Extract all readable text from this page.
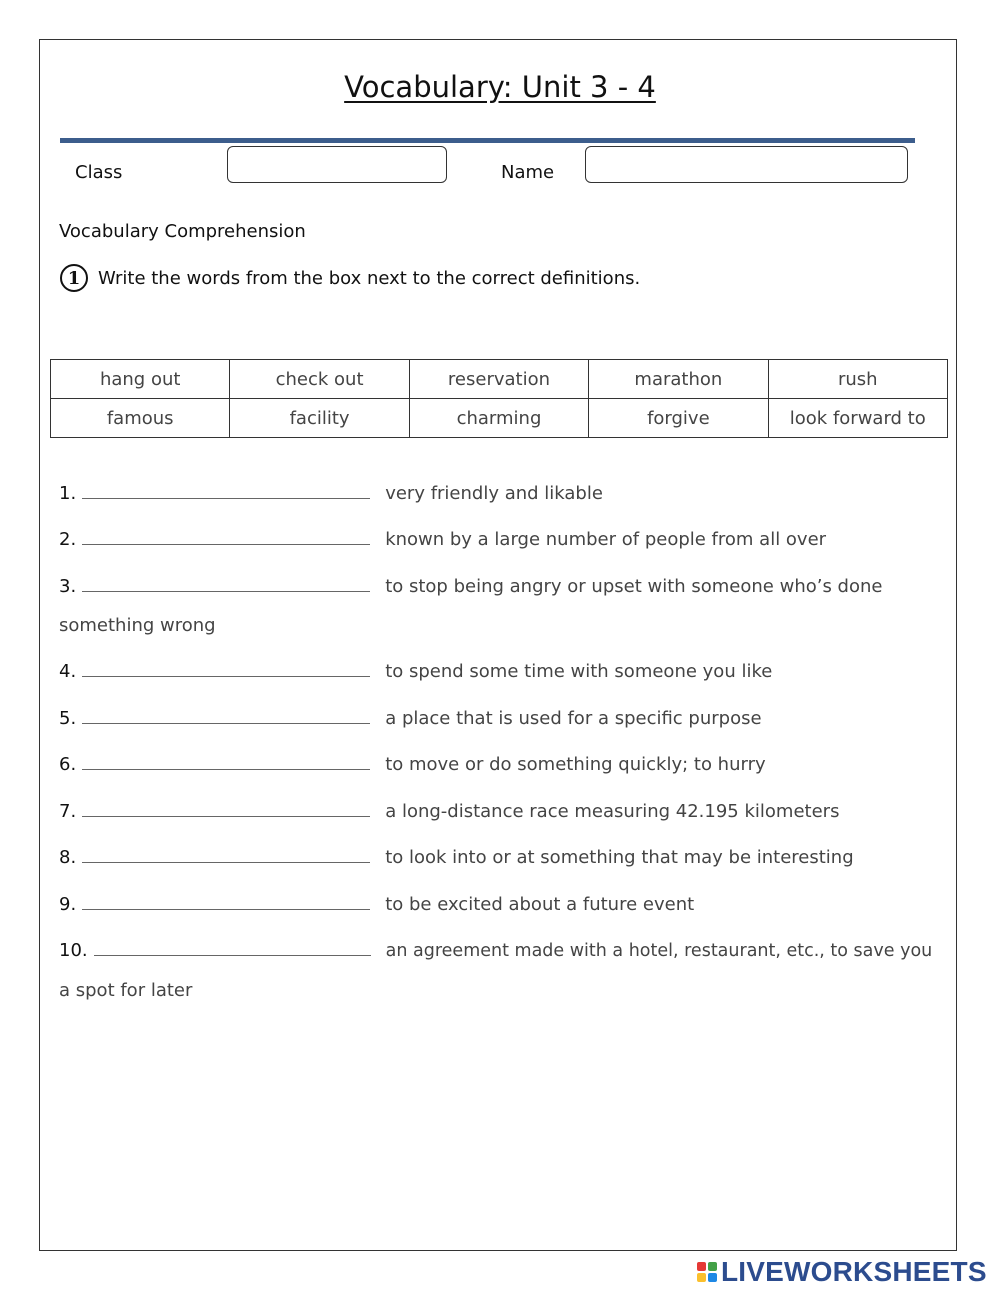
Vocabulary: Unit 3 - 4
Class	Name
Vocabulary Comprehension
1 Write the words from the box next to the correct definitions.
hang out	check out	reservation	marathon	rush
famous	facility	charming	forgive	look forward to
1.	very friendly and likable
2.	known by a large number of people from all over
3.	to stop being angry or upset with someone who’s done
something wrong
4.	to spend some time with someone you like
5.	a place that is used for a specific purpose
6.	to move or do something quickly; to hurry
7.	a long-distance race measuring 42.195 kilometers
8.	to look into or at something that may be interesting
9.	to be excited about a future event
10.	an agreement made with a hotel, restaurant, etc., to save you
a spot for later
LIVEWORKSHEETS
